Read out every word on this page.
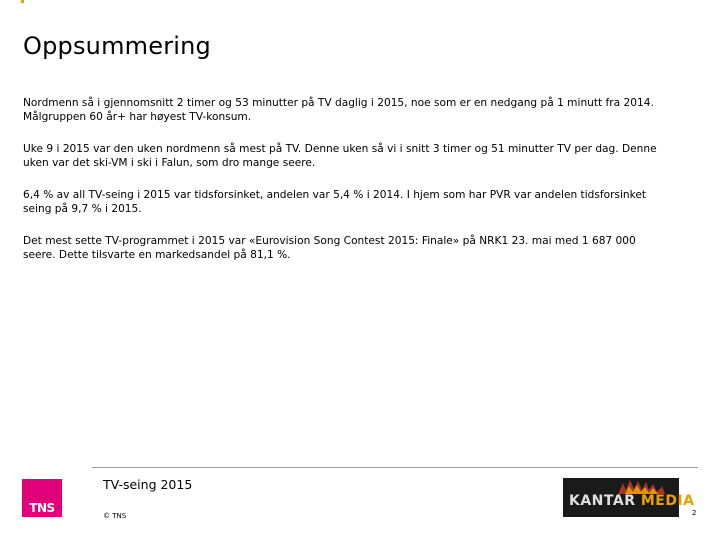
Oppsummering

Nordmenn så i gjennomsnitt 2 timer og 53 minutter på TV daglig i 2015, noe som er en nedgang på 1 minutt fra 2014.
Målgruppen 60 år+ har høyest TV-konsum.

Uke 9 i 2015 var den uken nordmenn så mest på TV. Denne uken så vi i snitt 3 timer og 51 minutter TV per dag. Denne
uken var det ski-VM i ski i Falun, som dro mange seere.

6,4 % av all TV-seing i 2015 var tidsforsinket, andelen var 5,4 % i 2014. I hjem som har PVR var andelen tidsforsinket
seing på 9,7 % i 2015.

Det mest sette TV-programmet i 2015 var «Eurovision Song Contest 2015: Finale» på NRK1 23. mai med 1 687 000
seere. Dette tilsvarte en markedsandel på 81,1 %.

TNS
TV-seing 2015
© TNS
KANTAR MEDIA
2
